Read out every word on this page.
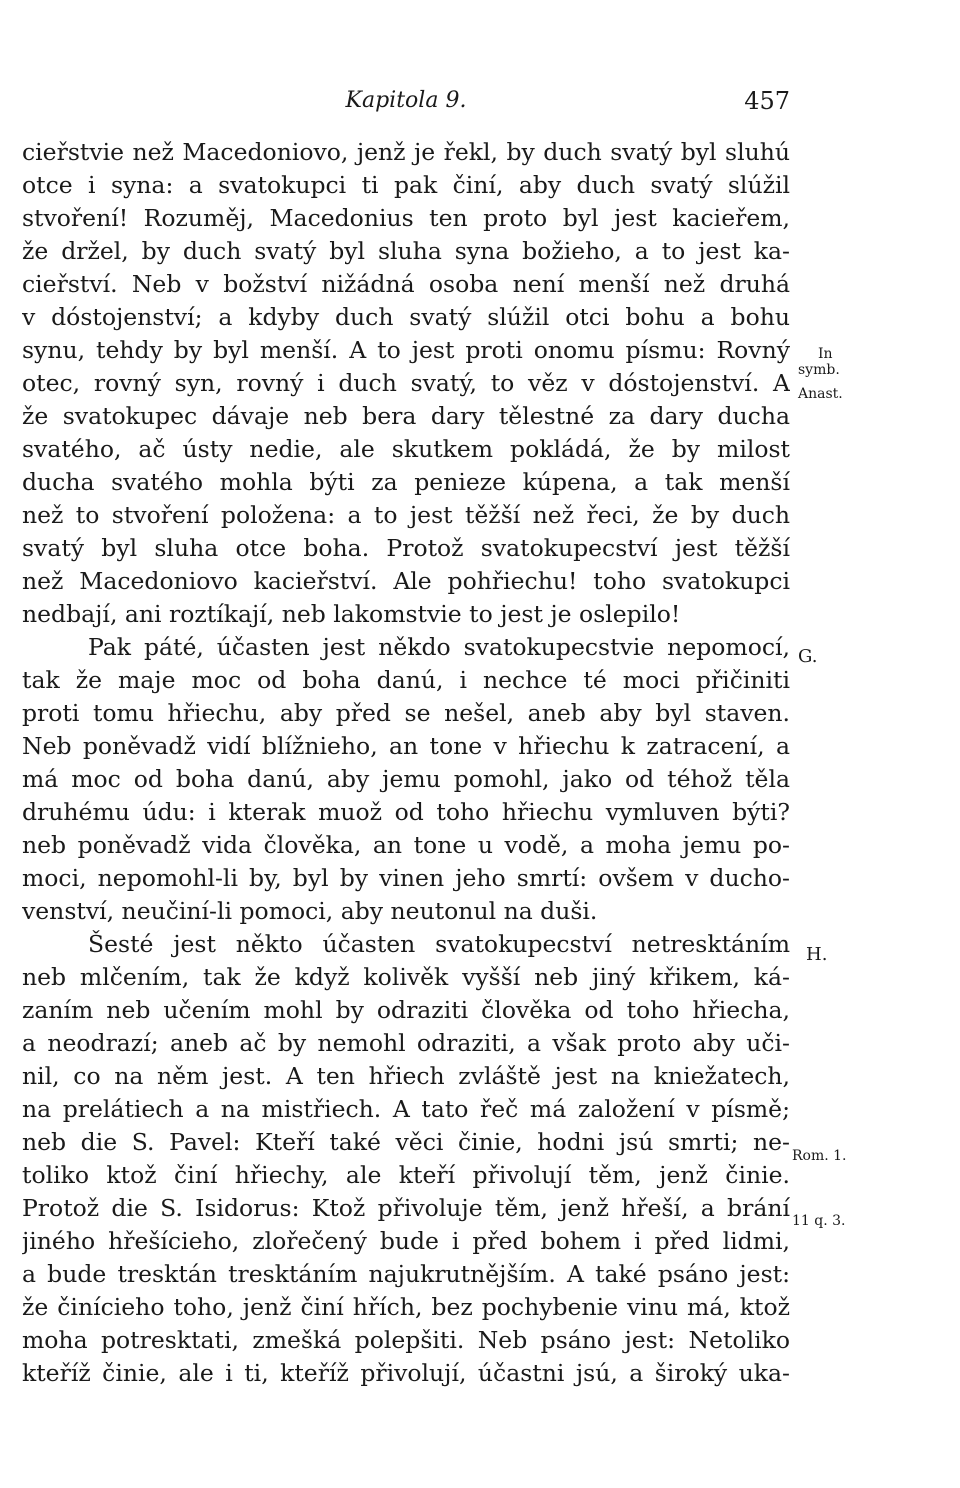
Kapitola 9.	457
cieřstvie než Macedoniovo, jenž je řekl, by duch svatý byl sluhú
otce i syna: a svatokupci ti pak činí, aby duch svatý slúžil
stvoření! Rozuměj, Macedonius ten proto byl jest kacieřem,
že držel, by duch svatý byl sluha syna božieho, a to jest ka-
cieřství. Neb v božství nižádná osoba není menší než druhá
v dóstojenství; a kdyby duch svatý slúžil otci bohu a bohu
synu, tehdy by byl menší. A to jest proti onomu písmu: Rovný
otec, rovný syn, rovný i duch svatý, to věz v dóstojenství. A
že svatokupec dávaje neb bera dary tělestné za dary ducha
svatého, ač ústy nedie, ale skutkem pokládá, že by milost
ducha svatého mohla býti za penieze kúpena, a tak menší
než to stvoření položena: a to jest těžší než řeci, že by duch
svatý byl sluha otce boha. Protož svatokupecství jest těžší
než Macedoniovo kacieřství. Ale pohřiechu! toho svatokupci
nedbají, ani roztíkají, neb lakomstvie to jest je oslepilo!
Pak páté, účasten jest někdo svatokupecstvie nepomocí,
tak že maje moc od boha danú, i nechce té moci přičiniti
proti tomu hřiechu, aby před se nešel, aneb aby byl staven.
Neb poněvadž vidí blížnieho, an tone v hřiechu k zatracení, a
má moc od boha danú, aby jemu pomohl, jako od téhož těla
druhému údu: i kterak muož od toho hřiechu vymluven býti?
neb poněvadž vida člověka, an tone u vodě, a moha jemu po-
moci, nepomohl-li by, byl by vinen jeho smrtí: ovšem v ducho-
venství, neučiní-li pomoci, aby neutonul na duši.
Šesté jest někto účasten svatokupecství netresktáním
neb mlčením, tak že když kolivěk vyšší neb jiný křikem, ká-
zaním neb učením mohl by odraziti člověka od toho hřiecha,
a neodrazí; aneb ač by nemohl odraziti, a však proto aby uči-
nil, co na něm jest. A ten hřiech zvláště jest na kniežatech,
na prelátiech a na mistřiech. A tato řeč má založení v písmě;
neb die S. Pavel: Kteří také věci činie, hodni jsú smrti; ne-
toliko ktož činí hřiechy, ale kteří přivolují těm, jenž činie.
Protož die S. Isidorus: Ktož přivoluje těm, jenž hřeší, a brání
jiného hřešícieho, zlořečený bude i před bohem i před lidmi,
a bude tresktán tresktáním najukrutnějším. A také psáno jest:
že činícieho toho, jenž činí hřích, bez pochybenie vinu má, ktož
moha potresktati, zmešká polepšiti. Neb psáno jest: Netoliko
kteříž činie, ale i ti, kteříž přivolují, účastni jsú, a široký uka-
In
symb.
Anast.
G.
H.
Rom. 1.
11 q. 3.
